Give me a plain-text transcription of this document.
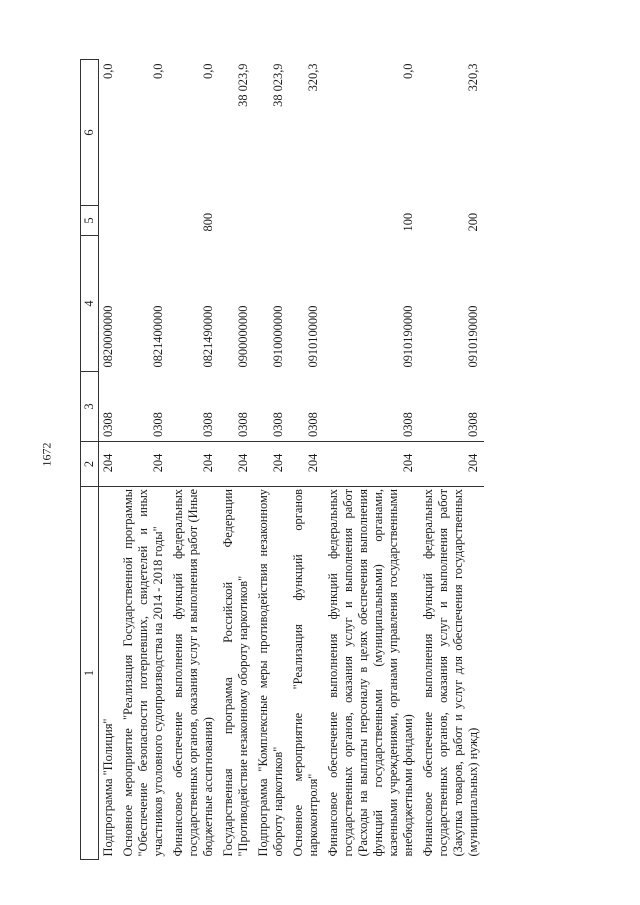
1672
1	2	3	4	5	6
Подпрограмма "Полиция"	204	0308	0820000000		0,0
Основное мероприятие "Реализация Государственной программы "Обеспечение безопасности потерпевших, свидетелей и иных участников уголовного судопроизводства на 2014 - 2018 годы"	204	0308	0821400000		0,0
Финансовое обеспечение выполнения функций федеральных государственных органов, оказания услуг и выполнения работ (Иные бюджетные ассигнования)	204	0308	0821490000	800	0,0
Государственная программа Российской Федерации "Противодействие незаконному обороту наркотиков"	204	0308	0900000000		38 023,9
Подпрограмма "Комплексные меры противодействия незаконному обороту наркотиков"	204	0308	0910000000		38 023,9
Основное мероприятие "Реализация функций органов наркоконтроля"	204	0308	0910100000		320,3
Финансовое обеспечение выполнения функций федеральных государственных органов, оказания услуг и выполнения работ (Расходы на выплаты персоналу в целях обеспечения выполнения функций государственными (муниципальными) органами, казенными учреждениями, органами управления государственными внебюджетными фондами)	204	0308	0910190000	100	0,0
Финансовое обеспечение выполнения функций федеральных государственных органов, оказания услуг и выполнения работ (Закупка товаров, работ и услуг для обеспечения государственных (муниципальных) нужд)	204	0308	0910190000	200	320,3
